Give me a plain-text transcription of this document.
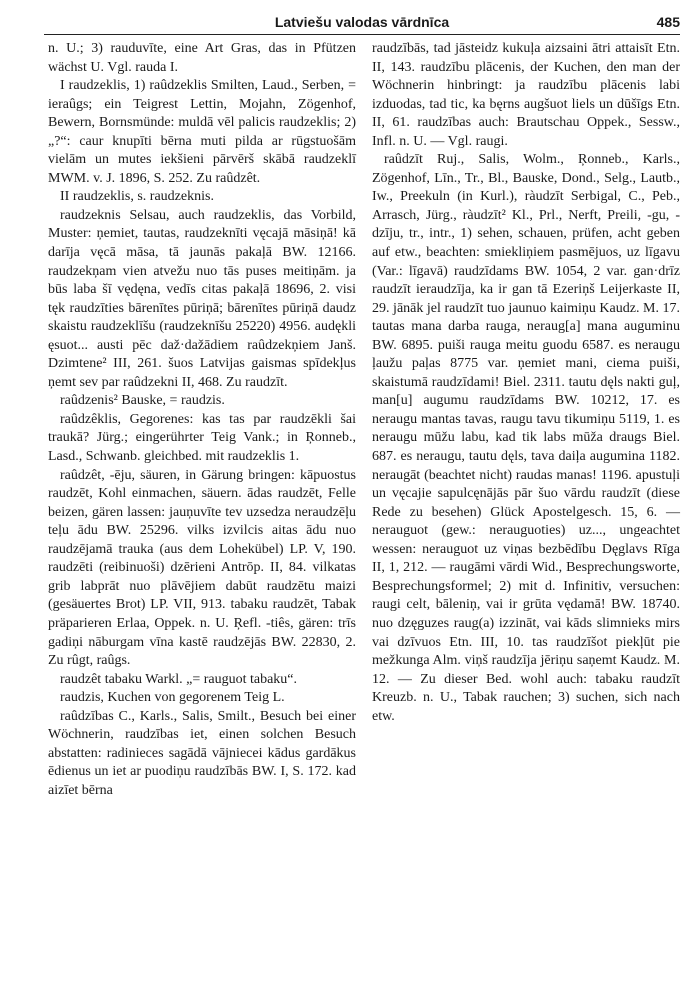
Latviešu valodas vārdnīca	485

n. U.; 3) rauduvīte, eine Art Gras, das in Pfützen wächst U. Vgl. rauda I.

I raudzeklis, 1) raûdzeklis Smilten, Laud., Serben, = ieraûgs; ein Teigrest Lettin, Mojahn, Zögenhof, Bewern, Bornsmünde: muldā vēl palicis raudzeklis; 2) „?“: caur knupīti bērna muti pilda ar rūgstuošām vielām un mutes iekšieni pārvērš skābā raudzeklī MWM. v. J. 1896, S. 252. Zu raûdzêt.

II raudzeklis, s. raudzeknis.

raudzeknis Selsau, auch raudzeklis, das Vorbild, Muster: ņemiet, tautas, raudzeknīti vęcajā māsiņā! kā darīja vęcā māsa, tā jaunās pakaļā BW. 12166. raudzekņam vien atvežu nuo tās puses meitiņām. ja būs laba šī vędęna, vedīs citas pakaļā 18696, 2. visi tęk raudzīties bārenītes pūriņā; bārenītes pūriņā daudz skaistu raudzeklīšu (raudzeknīšu 25220) 4956. audękli ęsuot... austi pēc daž·dažādiem raûdzekņiem Janš. Dzimtene² III, 261. šuos Latvijas gaismas spīdekļus ņemt sev par raûdzekni II, 468. Zu raudzīt.

raûdzenis² Bauske, = raudzis.

raûdzêklis, Gegorenes: kas tas par raudzēkli šai traukā? Jürg.; eingerührter Teig Vank.; in Ŗonneb., Lasd., Schwanb. gleichbed. mit raudzeklis 1.

raûdzêt, -ēju, säuren, in Gärung bringen: kāpuostus raudzēt, Kohl einmachen, säuern. ādas raudzēt, Felle beizen, gären lassen: jauņuvīte tev uzsedza neraudzēļu teļu ādu BW. 25296. vilks izvilcis aitas ādu nuo raudzējamā trauka (aus dem Lohekübel) LP. V, 190. raudzēti (reibinuoši) dzērieni Antrōp. II, 84. vilkatas grib labprāt nuo plāvējiem dabūt raudzētu maizi (gesäuertes Brot) LP. VII, 913. tabaku raudzēt, Tabak präparieren Erlaa, Oppek. n. U. Ŗefl. -tiês, gären: trīs gadiņi nāburgam vīna kastē raudzējās BW. 22830, 2. Zu rûgt, raûgs.

raudzêt tabaku Warkl. „= rauguot tabaku“.

raudzis, Kuchen von gegorenem Teig L.

raûdzības C., Karls., Salis, Smilt., Besuch bei einer Wöchnerin, raudzības iet, einen solchen Besuch abstatten: radinieces sagādā vājniecei kādus gardākus ēdienus un iet ar puodiņu raudzībās BW. I, S. 172. kad aizīet bērna

raudzībās, tad jāsteidz kukuļa aizsaini ātri attaisīt Etn. II, 143. raudzību plācenis, der Kuchen, den man der Wöchnerin hinbringt: ja raudzību plācenis labi izduodas, tad tic, ka bęrns augšuot liels un dūšīgs Etn. II, 61. raudzības auch: Brautschau Oppek., Sessw., Infl. n. U. — Vgl. raugi.

raûdzīt Ruj., Salis, Wolm., Ŗonneb., Karls., Zögenhof, Līn., Tr., Bl., Bauske, Dond., Selg., Lautb., Iw., Preekuln (in Kurl.), ràudzīt Serbigal, C., Peb., Arrasch, Jürg., ràudzīt² Kl., Prl., Nerft, Preili, -gu, -dzīju, tr., intr., 1) sehen, schauen, prüfen, acht geben auf etw., beachten: smiekliņiem pasmējuos, uz līgavu (Var.: līgavā) raudzīdams BW. 1054, 2 var. gan·drīz raudzīt ieraudzīja, ka ir gan tā Ezeriņš Leijerkaste II, 29. jānāk jel raudzīt tuo jaunuo kaimiņu Kaudz. M. 17. tautas mana darba rauga, neraug[a] mana auguminu BW. 6895. puiši rauga meitu guodu 6587. es neraugu ļaužu paļas 8775 var. ņemiet mani, ciema puiši, skaistumā raudzīdami! Biel. 2311. tautu dęls nakti guļ, man[u] augumu raudzīdams BW. 10212, 17. es neraugu mantas tavas, raugu tavu tikumiņu 5119, 1. es neraugu mūžu labu, kad tik labs mūža draugs Biel. 687. es neraugu, tautu dęls, tava daiļa auguminа 1182. neraugāt (beachtet nicht) raudas manas! 1196. apustuļi un vęcajie sapulcęnājās pār šuo vārdu raudzīt (diese Rede zu besehen) Glück Apostelgesch. 15, 6. — nerauguot (gew.: nerauguoties) uz..., ungeachtet wessen: nerauguot uz viņas bezbēdību Dęglavs Rīga II, 1, 212. — raugāmi vārdi Wid., Besprechungsworte, Besprechungsformel; 2) mit d. Infinitiv, versuchen: raugi celt, bāleniņ, vai ir grūta vędamā! BW. 18740. nuo dzęguzes raug(a) izzināt, vai kāds slimnieks mirs vai dzīvuos Etn. III, 10. tas raudzīšot piekļūt pie mežkunga Alm. viņš raudzīja jēriņu saņemt Kaudz. M. 12. — Zu dieser Bed. wohl auch: tabaku raudzīt Kreuzb. n. U., Tabak rauchen; 3) suchen, sich nach etw.
